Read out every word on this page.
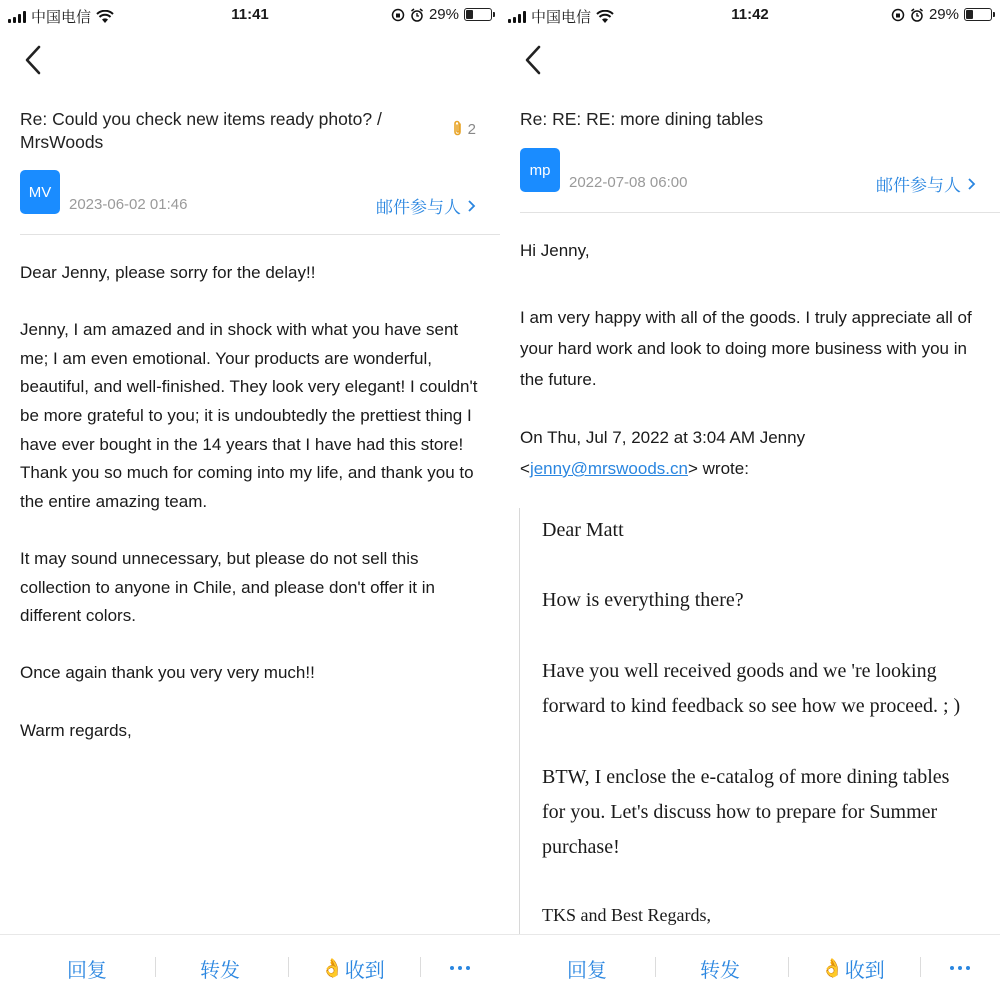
中国电信	11:41	29%
Re: Could you check new items ready photo? / MrsWoods
2
MV
2023-06-02 01:46	邮件参与人

Dear Jenny, please sorry for the delay!!

Jenny, I am amazed and in shock with what you have sent me; I am even emotional. Your products are wonderful, beautiful, and well-finished. They look very elegant! I couldn't be more grateful to you; it is undoubtedly the prettiest thing I have ever bought in the 14 years that I have had this store! Thank you so much for coming into my life, and thank you to the entire amazing team.

It may sound unnecessary, but please do not sell this collection to anyone in Chile, and please don't offer it in different colors.

Once again thank you very very much!!

Warm regards,

回复	转发	👌 收到
中国电信	11:42	29%
Re: RE: RE: more dining tables
mp
2022-07-08 06:00	邮件参与人
Hi Jenny,
I am very happy with all of the goods. I truly appreciate all of your hard work and look to doing more business with you in the future.
On Thu, Jul 7, 2022 at 3:04 AM Jenny
<jenny@mrswoods.cn> wrote:

Dear Matt

How is everything there?

Have you well received goods and we 're looking forward to kind feedback so see how we proceed. ; )

BTW, I enclose the e-catalog of more dining tables for you. Let's discuss how to prepare for Summer purchase!

TKS and Best Regards,

回复	转发	👌 收到
